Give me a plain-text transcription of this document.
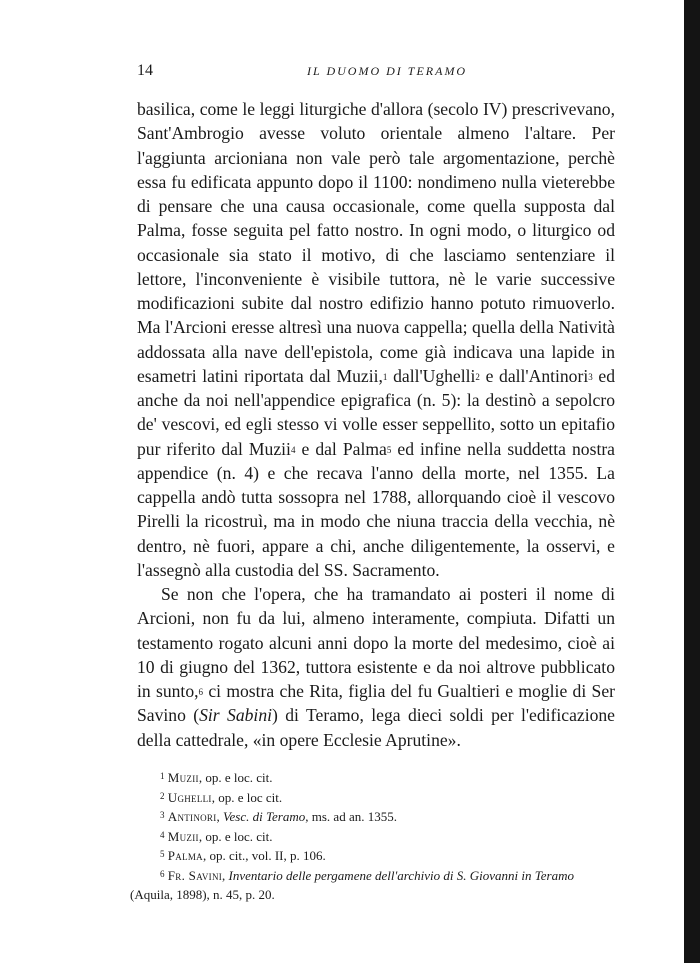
14	IL DUOMO DI TERAMO

basilica, come le leggi liturgiche d'allora (secolo IV) prescrivevano, Sant'Ambrogio avesse voluto orientale almeno l'altare. Per l'aggiunta arcioniana non vale però tale argomentazione, perchè essa fu edificata appunto dopo il 1100: nondimeno nulla vieterebbe di pensare che una causa occasionale, come quella supposta dal Palma, fosse seguita pel fatto nostro. In ogni modo, o liturgico od occasionale sia stato il motivo, di che lasciamo sentenziare il lettore, l'inconveniente è visibile tuttora, nè le varie successive modificazioni subite dal nostro edifizio hanno potuto rimuoverlo. Ma l'Arcioni eresse altresì una nuova cappella; quella della Natività addossata alla nave dell'epistola, come già indicava una lapide in esametri latini riportata dal Muzii,$^1$ dall'Ughelli$^2$ e dall'Antinori$^3$ ed anche da noi nell'appendice epigrafica (n. 5): la destinò a sepolcro de' vescovi, ed egli stesso vi volle esser seppellito, sotto un epitafio pur riferito dal Muzii$^4$ e dal Palma$^5$ ed infine nella suddetta nostra appendice (n. 4) e che recava l'anno della morte, nel 1355. La cappella andò tutta sossopra nel 1788, allorquando cioè il vescovo Pirelli la ricostruì, ma in modo che niuna traccia della vecchia, nè dentro, nè fuori, appare a chi, anche diligentemente, la osservi, e l'assegnò alla custodia del SS. Sacramento.

Se non che l'opera, che ha tramandato ai posteri il nome di Arcioni, non fu da lui, almeno interamente, compiuta. Difatti un testamento rogato alcuni anni dopo la morte del medesimo, cioè ai 10 di giugno del 1362, tuttora esistente e da noi altrove pubblicato in sunto,$^6$ ci mostra che Rita, figlia del fu Gualtieri e moglie di Ser Savino (Sir Sabini) di Teramo, lega dieci soldi per l'edificazione della cattedrale, «in opere Ecclesie Aprutine».

$^1$ Muzii, op. e loc. cit.

$^2$ Ughelli, op. e loc cit.

$^3$ Antinori, Vesc. di Teramo, ms. ad an. 1355.

$^4$ Muzii, op. e loc. cit.

$^5$ Palma, op. cit., vol. II, p. 106.

$^6$ Fr. Savini, Inventario delle pergamene dell'archivio di S. Giovanni in Teramo (Aquila, 1898), n. 45, p. 20.
